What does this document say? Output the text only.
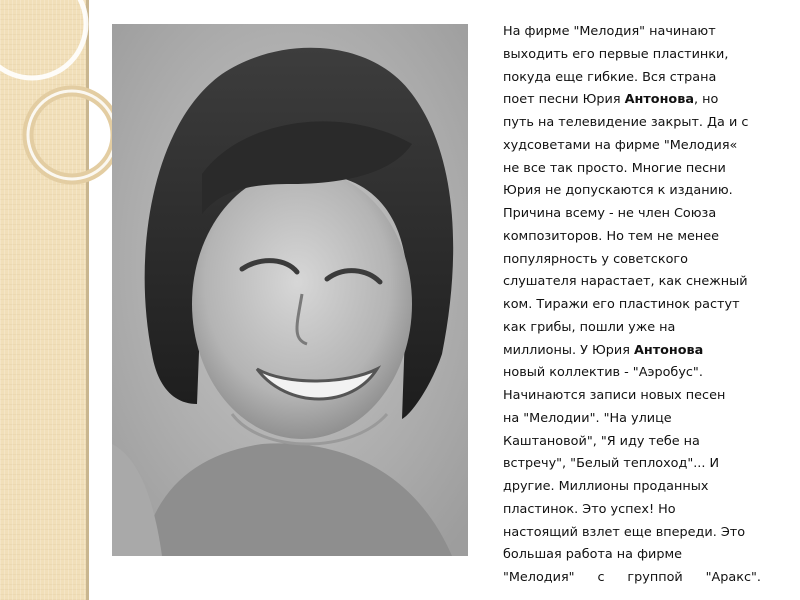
На фирме "Мелодия" начинают
выходить его первые пластинки,
покуда еще гибкие. Вся страна
поет песни Юрия Антонова, но
путь на телевидение закрыт. Да и с
худсоветами на фирме "Мелодия«
не все так просто. Многие песни
Юрия не допускаются к изданию.
Причина всему - не член Союза
композиторов. Но тем не менее
популярность у советского
слушателя нарастает, как снежный
ком. Тиражи его пластинок растут
как грибы, пошли уже на
миллионы. У Юрия Антонова
новый коллектив - "Аэробус".
Начинаются записи новых песен
на "Мелодии". "На улице
Каштановой", "Я иду тебе на
встречу", "Белый теплоход"... И
другие. Миллионы проданных
пластинок. Это успех! Но
настоящий взлет еще впереди. Это
большая работа на фирме
"Мелодия" с группой "Аракс".
